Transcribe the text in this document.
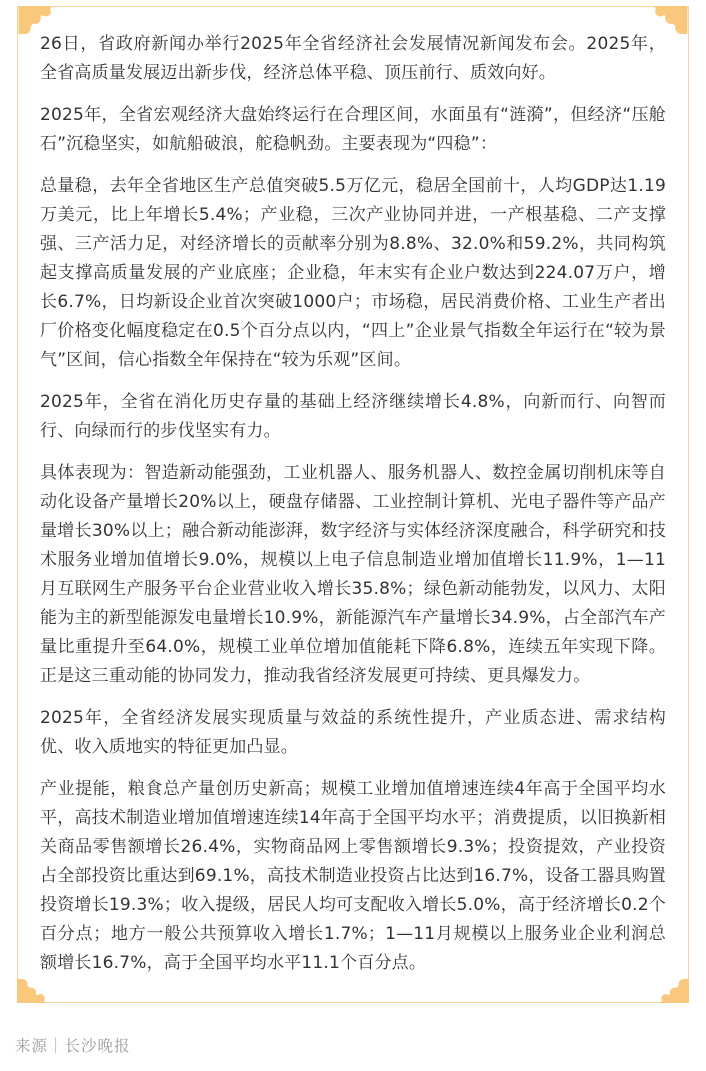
26日，省政府新闻办举行2025年全省经济社会发展情况新闻发布会。2025年，全省高质量发展迈出新步伐，经济总体平稳、顶压前行、质效向好。

2025年，全省宏观经济大盘始终运行在合理区间，水面虽有“涟漪”，但经济“压舱石”沉稳坚实，如航船破浪，舵稳帆劲。主要表现为“四稳”：

总量稳，去年全省地区生产总值突破5.5万亿元，稳居全国前十，人均GDP达1.19万美元，比上年增长5.4%；产业稳，三次产业协同并进，一产根基稳、二产支撑强、三产活力足，对经济增长的贡献率分别为8.8%、32.0%和59.2%，共同构筑起支撑高质量发展的产业底座；企业稳，年末实有企业户数达到224.07万户，增长6.7%，日均新设企业首次突破1000户；市场稳，居民消费价格、工业生产者出厂价格变化幅度稳定在0.5个百分点以内，“四上”企业景气指数全年运行在“较为景气”区间，信心指数全年保持在“较为乐观”区间。

2025年，全省在消化历史存量的基础上经济继续增长4.8%，向新而行、向智而行、向绿而行的步伐坚实有力。

具体表现为：智造新动能强劲，工业机器人、服务机器人、数控金属切削机床等自动化设备产量增长20%以上，硬盘存储器、工业控制计算机、光电子器件等产品产量增长30%以上；融合新动能澎湃，数字经济与实体经济深度融合，科学研究和技术服务业增加值增长9.0%，规模以上电子信息制造业增加值增长11.9%，1—11月互联网生产服务平台企业营业收入增长35.8%；绿色新动能勃发，以风力、太阳能为主的新型能源发电量增长10.9%，新能源汽车产量增长34.9%，占全部汽车产量比重提升至64.0%，规模工业单位增加值能耗下降6.8%，连续五年实现下降。正是这三重动能的协同发力，推动我省经济发展更可持续、更具爆发力。

2025年，全省经济发展实现质量与效益的系统性提升，产业质态进、需求结构优、收入质地实的特征更加凸显。

产业提能，粮食总产量创历史新高；规模工业增加值增速连续4年高于全国平均水平，高技术制造业增加值增速连续14年高于全国平均水平；消费提质，以旧换新相关商品零售额增长26.4%，实物商品网上零售额增长9.3%；投资提效，产业投资占全部投资比重达到69.1%，高技术制造业投资占比达到16.7%，设备工器具购置投资增长19.3%；收入提级，居民人均可支配收入增长5.0%，高于经济增长0.2个百分点；地方一般公共预算收入增长1.7%；1—11月规模以上服务业企业利润总额增长16.7%，高于全国平均水平11.1个百分点。

来源｜长沙晚报
